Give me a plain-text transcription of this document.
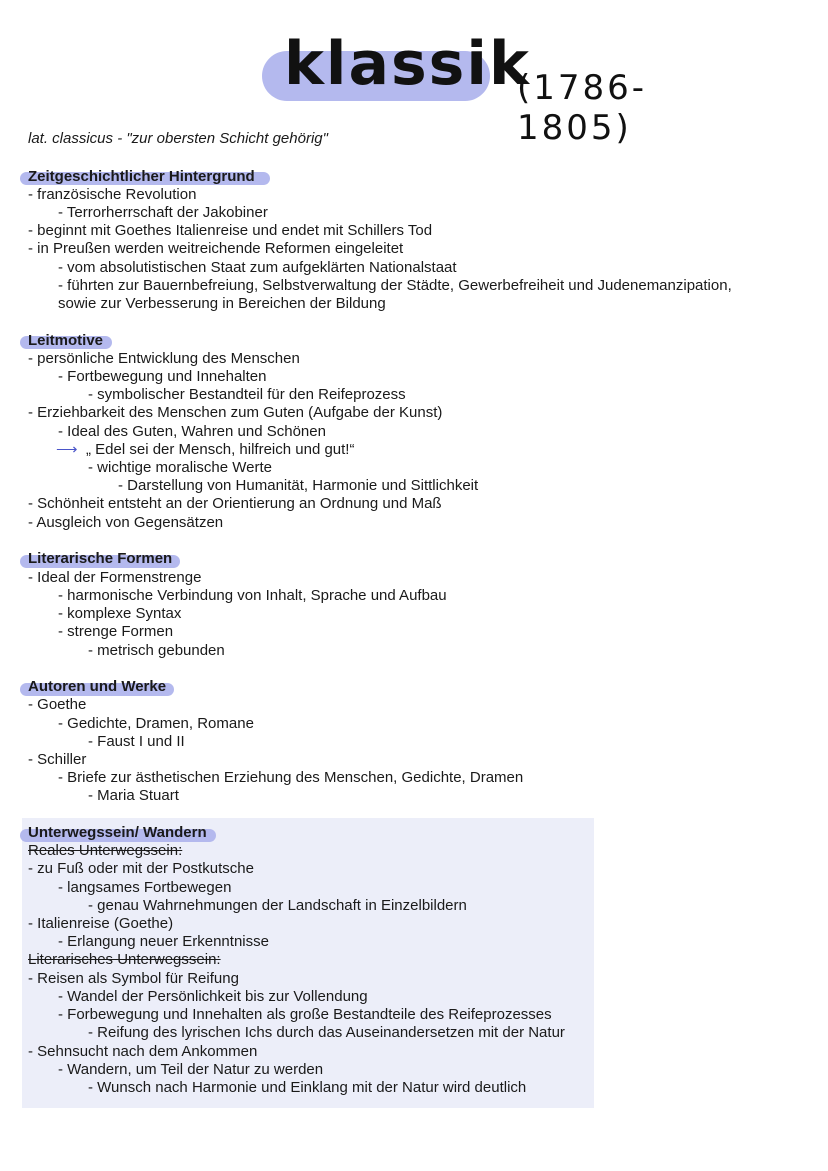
klassik
(1786-1805)
lat. classicus - "zur obersten Schicht gehörig"
Zeitgeschichtlicher Hintergrund
- französische Revolution
- Terrorherrschaft der Jakobiner
- beginnt mit Goethes Italienreise und endet mit Schillers Tod
- in Preußen werden weitreichende Reformen eingeleitet
- vom absolutistischen Staat zum aufgeklärten Nationalstaat
- führten zur Bauernbefreiung, Selbstverwaltung der Städte, Gewerbefreiheit und Judenemanzipation,
sowie zur Verbesserung in Bereichen der Bildung
Leitmotive
- persönliche Entwicklung des Menschen
- Fortbewegung und Innehalten
- symbolischer Bestandteil für den Reifeprozess
- Erziehbarkeit des Menschen zum Guten (Aufgabe der Kunst)
- Ideal des Guten, Wahren und Schönen
⟶ „ Edel sei der Mensch, hilfreich und gut!“
- wichtige moralische Werte
- Darstellung von Humanität, Harmonie und Sittlichkeit
- Schönheit entsteht an der Orientierung an Ordnung und Maß
- Ausgleich von Gegensätzen
Literarische Formen
- Ideal der Formenstrenge
- harmonische Verbindung von Inhalt, Sprache und Aufbau
- komplexe Syntax
- strenge Formen
- metrisch gebunden
Autoren und Werke
- Goethe
- Gedichte, Dramen, Romane
- Faust I und II
- Schiller
- Briefe zur ästhetischen Erziehung des Menschen, Gedichte, Dramen
- Maria Stuart
Unterwegssein/ Wandern
Reales Unterwegssein:
- zu Fuß oder mit der Postkutsche
- langsames Fortbewegen
- genau Wahrnehmungen der Landschaft in Einzelbildern
- Italienreise (Goethe)
- Erlangung neuer Erkenntnisse
Literarisches Unterwegssein:
- Reisen als Symbol für Reifung
- Wandel der Persönlichkeit bis zur Vollendung
- Forbewegung und Innehalten als große Bestandteile des Reifeprozesses
- Reifung des lyrischen Ichs durch das Auseinandersetzen mit der Natur
- Sehnsucht nach dem Ankommen
- Wandern, um Teil der Natur zu werden
- Wunsch nach Harmonie und Einklang mit der Natur wird deutlich
